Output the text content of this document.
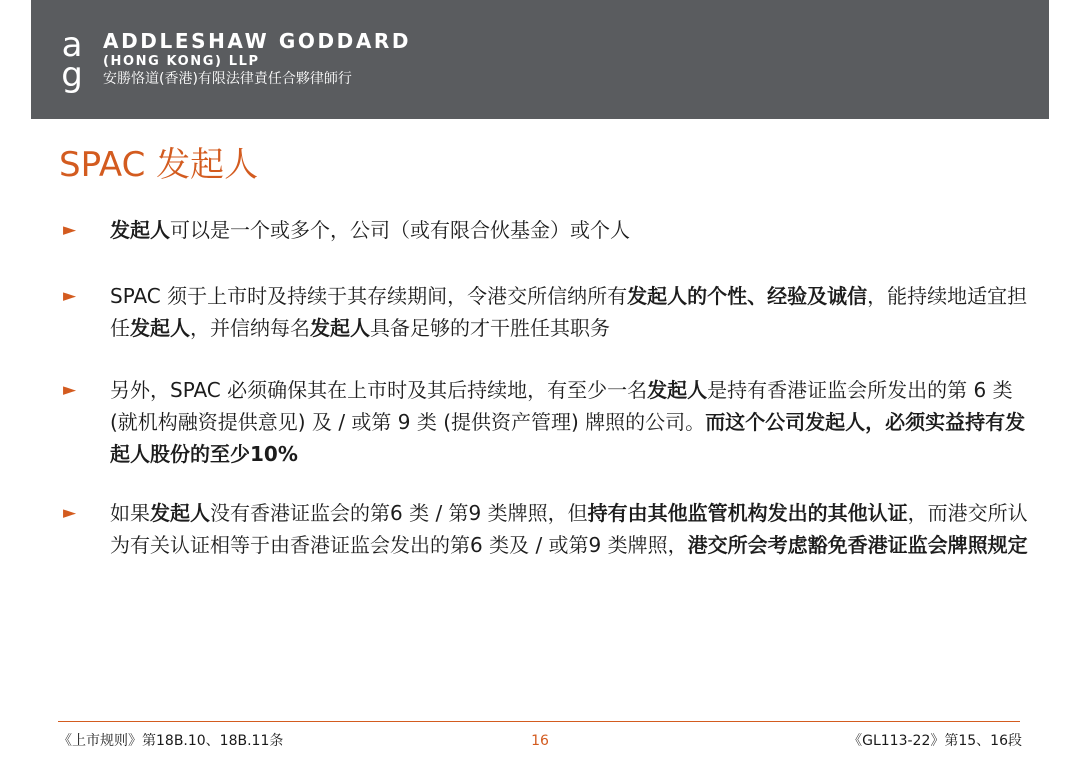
a
g
ADDLESHAW GODDARD
(HONG KONG) LLP
安勝恪道(香港)有限法律責任合夥律師行
SPAC 发起人
► 发起人可以是一个或多个，公司（或有限合伙基金）或个人
► SPAC 须于上市时及持续于其存续期间，令港交所信纳所有发起人的个性、经验及诚信，能持续地适宜担任发起人，并信纳每名发起人具备足够的才干胜任其职务
► 另外，SPAC 必须确保其在上市时及其后持续地，有至少一名发起人是持有香港证监会所发出的第 6 类 (就机构融资提供意见) 及 / 或第 9 类 (提供资产管理) 牌照的公司。而这个公司发起人，必须实益持有发起人股份的至少10%
► 如果发起人没有香港证监会的第6 类 / 第9 类牌照，但持有由其他监管机构发出的其他认证，而港交所认为有关认证相等于由香港证监会发出的第6 类及 / 或第9 类牌照，港交所会考虑豁免香港证监会牌照规定
《上市规则》第18B.10、18B.11条	16	《GL113-22》第15、16段
